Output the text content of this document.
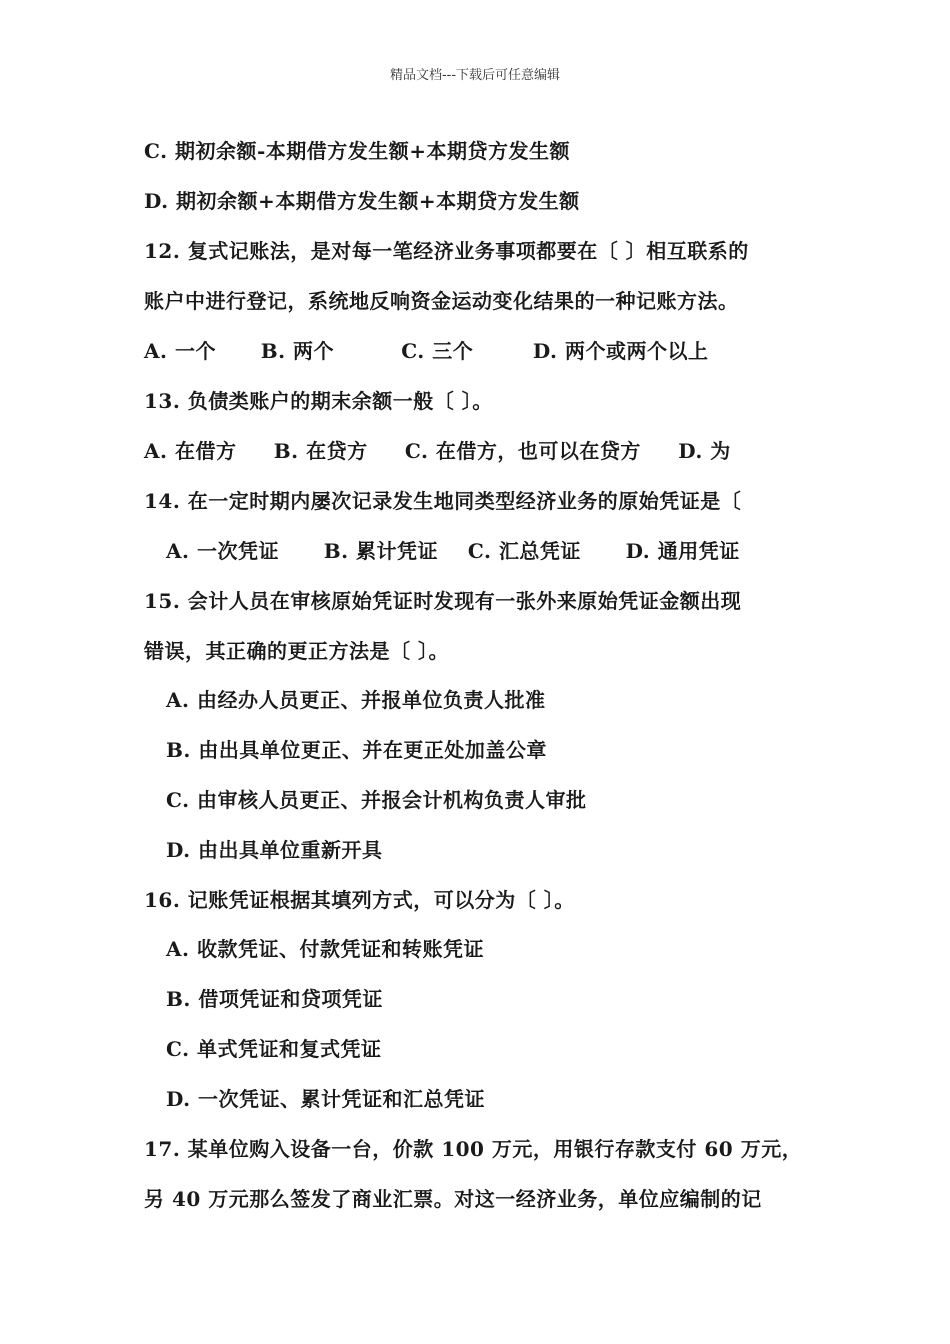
精品文档---下载后可任意编辑
C. 期初余额-本期借方发生额+本期贷方发生额
D. 期初余额+本期借方发生额+本期贷方发生额
12. 复式记账法，是对每一笔经济业务事项都要在〔 〕相互联系的
账户中进行登记，系统地反响资金运动变化结果的一种记账方法。
A. 一个      B. 两个         C. 三个        D. 两个或两个以上
13. 负债类账户的期末余额一般〔 〕。
A. 在借方     B. 在贷方     C. 在借方，也可以在贷方     D. 为
14. 在一定时期内屡次记录发生地同类型经济业务的原始凭证是〔
A. 一次凭证      B. 累计凭证    C. 汇总凭证      D. 通用凭证
15. 会计人员在审核原始凭证时发现有一张外来原始凭证金额出现
错误，其正确的更正方法是〔 〕。
A. 由经办人员更正、并报单位负责人批准
B. 由出具单位更正、并在更正处加盖公章
C. 由审核人员更正、并报会计机构负责人审批
D. 由出具单位重新开具
16. 记账凭证根据其填列方式，可以分为〔 〕。
A. 收款凭证、付款凭证和转账凭证
B. 借项凭证和贷项凭证
C. 单式凭证和复式凭证
D. 一次凭证、累计凭证和汇总凭证
17. 某单位购入设备一台，价款 100 万元，用银行存款支付 60 万元，
另 40 万元那么签发了商业汇票。对这一经济业务，单位应编制的记
